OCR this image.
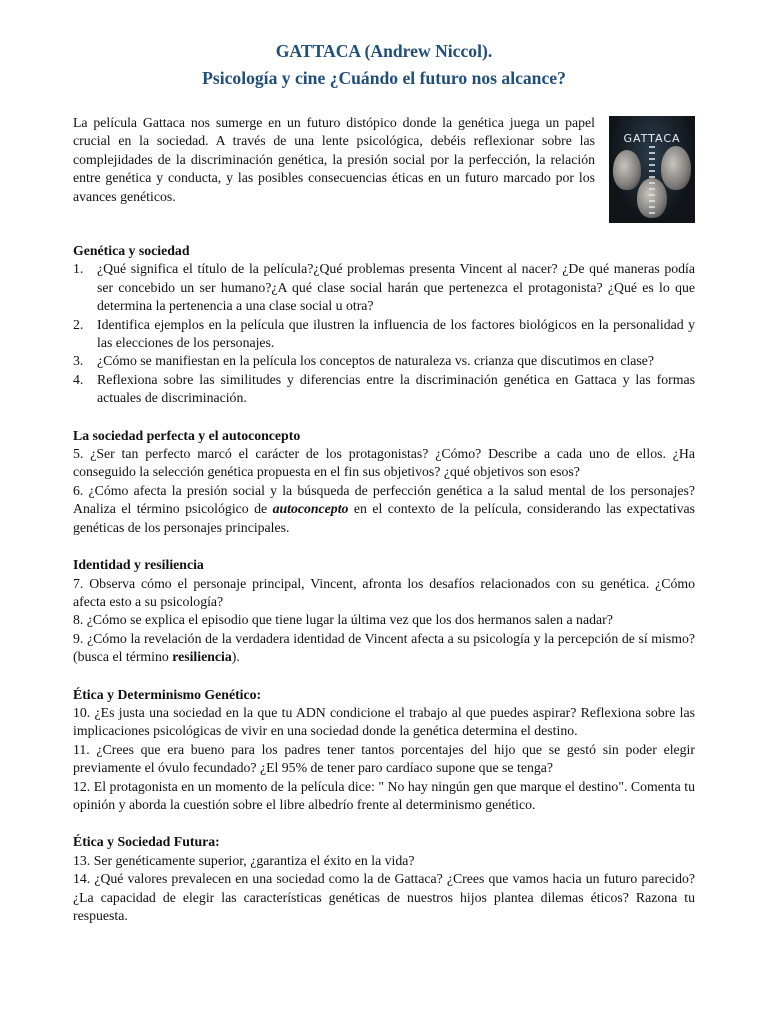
GATTACA (Andrew Niccol).
Psicología y cine ¿Cuándo el futuro nos alcance?
GATTACA

La película Gattaca nos sumerge en un futuro distópico donde la genética juega un papel crucial en la sociedad. A través de una lente psicológica, debéis reflexionar sobre las complejidades de la discriminación genética, la presión social por la perfección, la relación entre genética y conducta, y las posibles consecuencias éticas en un futuro marcado por los avances genéticos.

Genética y sociedad
1. ¿Qué significa el título de la película?¿Qué problemas presenta Vincent al nacer? ¿De qué maneras podía ser concebido un ser humano?¿A qué clase social harán que pertenezca el protagonista? ¿Qué es lo que determina la pertenencia a una clase social u otra?
2. Identifica ejemplos en la película que ilustren la influencia de los factores biológicos en la personalidad y las elecciones de los personajes.
3. ¿Cómo se manifiestan en la película los conceptos de naturaleza vs. crianza que discutimos en clase?
4. Reflexiona sobre las similitudes y diferencias entre la discriminación genética en Gattaca y las formas actuales de discriminación.
La sociedad perfecta y el autoconcepto

5. ¿Ser tan perfecto marcó el carácter de los protagonistas? ¿Cómo? Describe a cada uno de ellos. ¿Ha conseguido la selección genética propuesta en el fin sus objetivos? ¿qué objetivos son esos?

6. ¿Cómo afecta la presión social y la búsqueda de perfección genética a la salud mental de los personajes? Analiza el término psicológico de autoconcepto en el contexto de la película, considerando las expectativas genéticas de los personajes principales.

Identidad y resiliencia

7. Observa cómo el personaje principal, Vincent, afronta los desafíos relacionados con su genética. ¿Cómo afecta esto a su psicología?

8. ¿Cómo se explica el episodio que tiene lugar la última vez que los dos hermanos salen a nadar?

9. ¿Cómo la revelación de la verdadera identidad de Vincent afecta a su psicología y la percepción de sí mismo? (busca el término resiliencia).

Ética y Determinismo Genético:

10. ¿Es justa una sociedad en la que tu ADN condicione el trabajo al que puedes aspirar? Reflexiona sobre las implicaciones psicológicas de vivir en una sociedad donde la genética determina el destino.

11. ¿Crees que era bueno para los padres tener tantos porcentajes del hijo que se gestó sin poder elegir previamente el óvulo fecundado? ¿El 95% de tener paro cardíaco supone que se tenga?

12. El protagonista en un momento de la película dice: " No hay ningún gen que marque el destino". Comenta tu opinión y aborda la cuestión sobre el libre albedrío frente al determinismo genético.

Ética y Sociedad Futura:

13. Ser genéticamente superior, ¿garantiza el éxito en la vida?

14. ¿Qué valores prevalecen en una sociedad como la de Gattaca? ¿Crees que vamos hacia un futuro parecido? ¿La capacidad de elegir las características genéticas de nuestros hijos plantea dilemas éticos? Razona tu respuesta.
